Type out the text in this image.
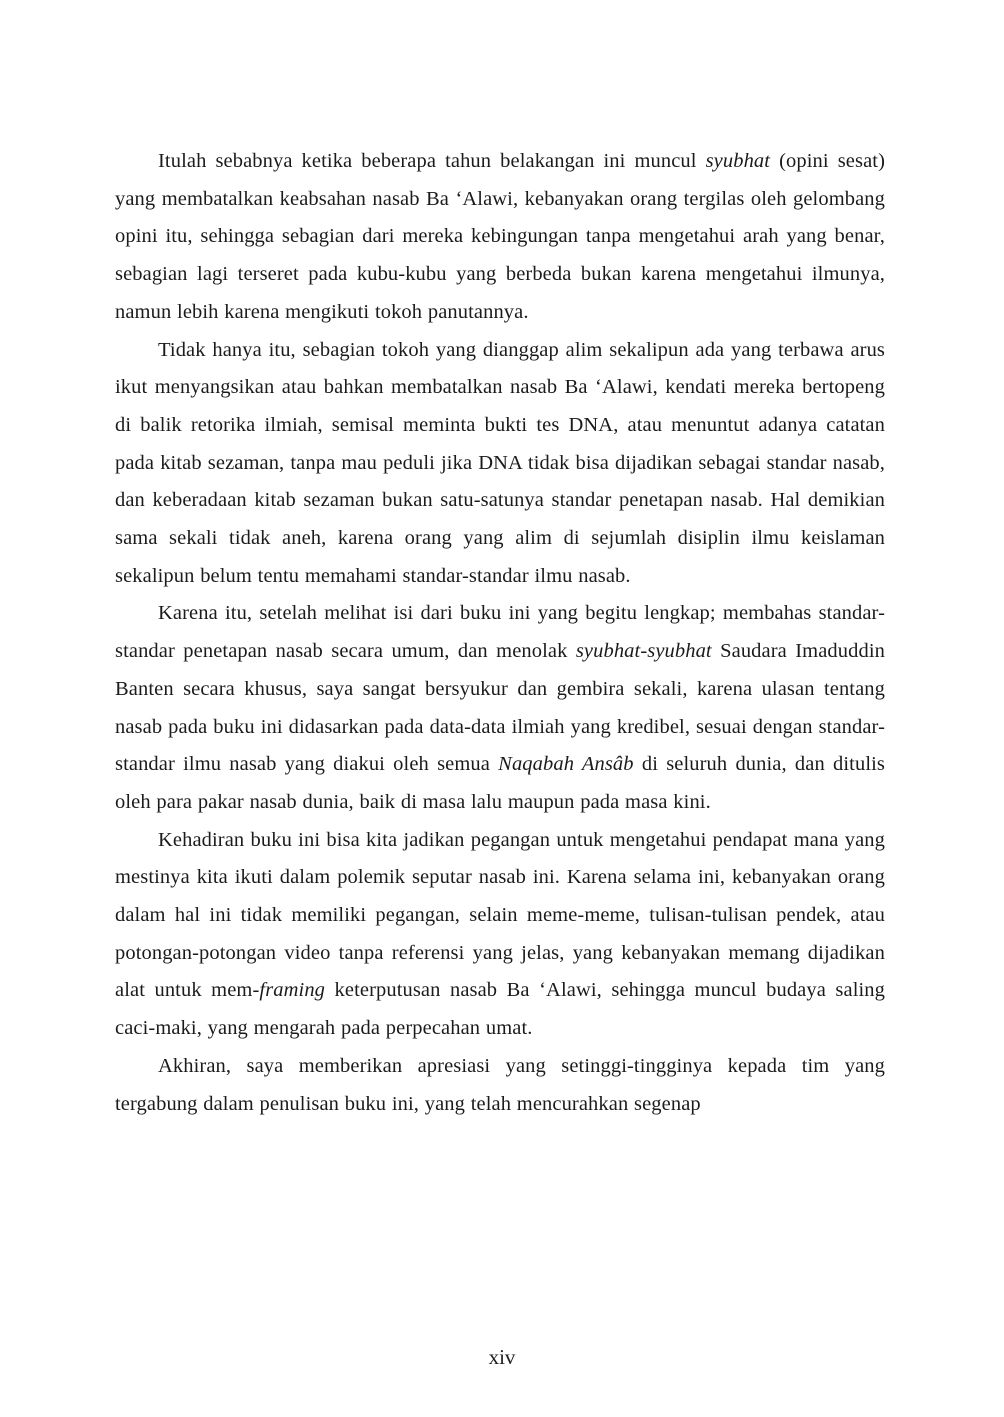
Itulah sebabnya ketika beberapa tahun belakangan ini muncul syubhat (opini sesat) yang membatalkan keabsahan nasab Ba ‘Alawi, kebanyakan orang tergilas oleh gelombang opini itu, sehingga sebagian dari mereka kebingungan tanpa mengetahui arah yang benar, sebagian lagi terseret pada kubu-kubu yang berbeda bukan karena mengetahui ilmunya, namun lebih karena mengikuti tokoh panutannya.

Tidak hanya itu, sebagian tokoh yang dianggap alim sekalipun ada yang terbawa arus ikut menyangsikan atau bahkan membatalkan nasab Ba ‘Alawi, kendati mereka bertopeng di balik retorika ilmiah, semisal meminta bukti tes DNA, atau menuntut adanya catatan pada kitab sezaman, tanpa mau peduli jika DNA tidak bisa dijadikan sebagai standar nasab, dan keberadaan kitab sezaman bukan satu-satunya standar penetapan nasab. Hal demikian sama sekali tidak aneh, karena orang yang alim di sejumlah disiplin ilmu keislaman sekalipun belum tentu memahami standar-standar ilmu nasab.

Karena itu, setelah melihat isi dari buku ini yang begitu lengkap; membahas standar-standar penetapan nasab secara umum, dan menolak syubhat-syubhat Saudara Imaduddin Banten secara khusus, saya sangat bersyukur dan gembira sekali, karena ulasan tentang nasab pada buku ini didasarkan pada data-data ilmiah yang kredibel, sesuai dengan standar-standar ilmu nasab yang diakui oleh semua Naqabah Ansâb di seluruh dunia, dan ditulis oleh para pakar nasab dunia, baik di masa lalu maupun pada masa kini.

Kehadiran buku ini bisa kita jadikan pegangan untuk mengetahui pendapat mana yang mestinya kita ikuti dalam polemik seputar nasab ini. Karena selama ini, kebanyakan orang dalam hal ini tidak memiliki pegangan, selain meme-meme, tulisan-tulisan pendek, atau potongan-potongan video tanpa referensi yang jelas, yang kebanyakan memang dijadikan alat untuk mem-framing keterputusan nasab Ba ‘Alawi, sehingga muncul budaya saling caci-maki, yang mengarah pada perpecahan umat.

Akhiran, saya memberikan apresiasi yang setinggi-tingginya kepada tim yang tergabung dalam penulisan buku ini, yang telah mencurahkan segenap

xiv
